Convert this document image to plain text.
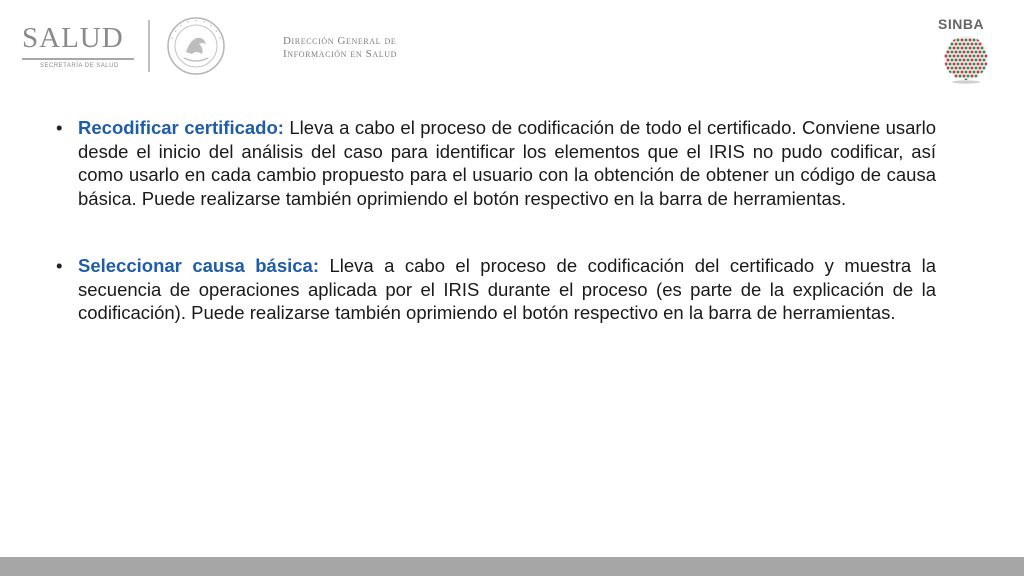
SALUD
SECRETARÍA DE SALUD
Dirección General de
Información en Salud
SINBA
• Recodificar certificado: Lleva a cabo el proceso de codificación de todo el certificado. Conviene usarlo desde el inicio del análisis del caso para identificar los elementos que el IRIS no pudo codificar, así como usarlo en cada cambio propuesto para el usuario con la obtención de obtener un código de causa básica. Puede realizarse también oprimiendo el botón respectivo en la barra de herramientas.

• Seleccionar causa básica: Lleva a cabo el proceso de codificación del certificado y muestra la secuencia de operaciones aplicada por el IRIS durante el proceso (es parte de la explicación de la codificación). Puede realizarse también oprimiendo el botón respectivo en la barra de herramientas.
